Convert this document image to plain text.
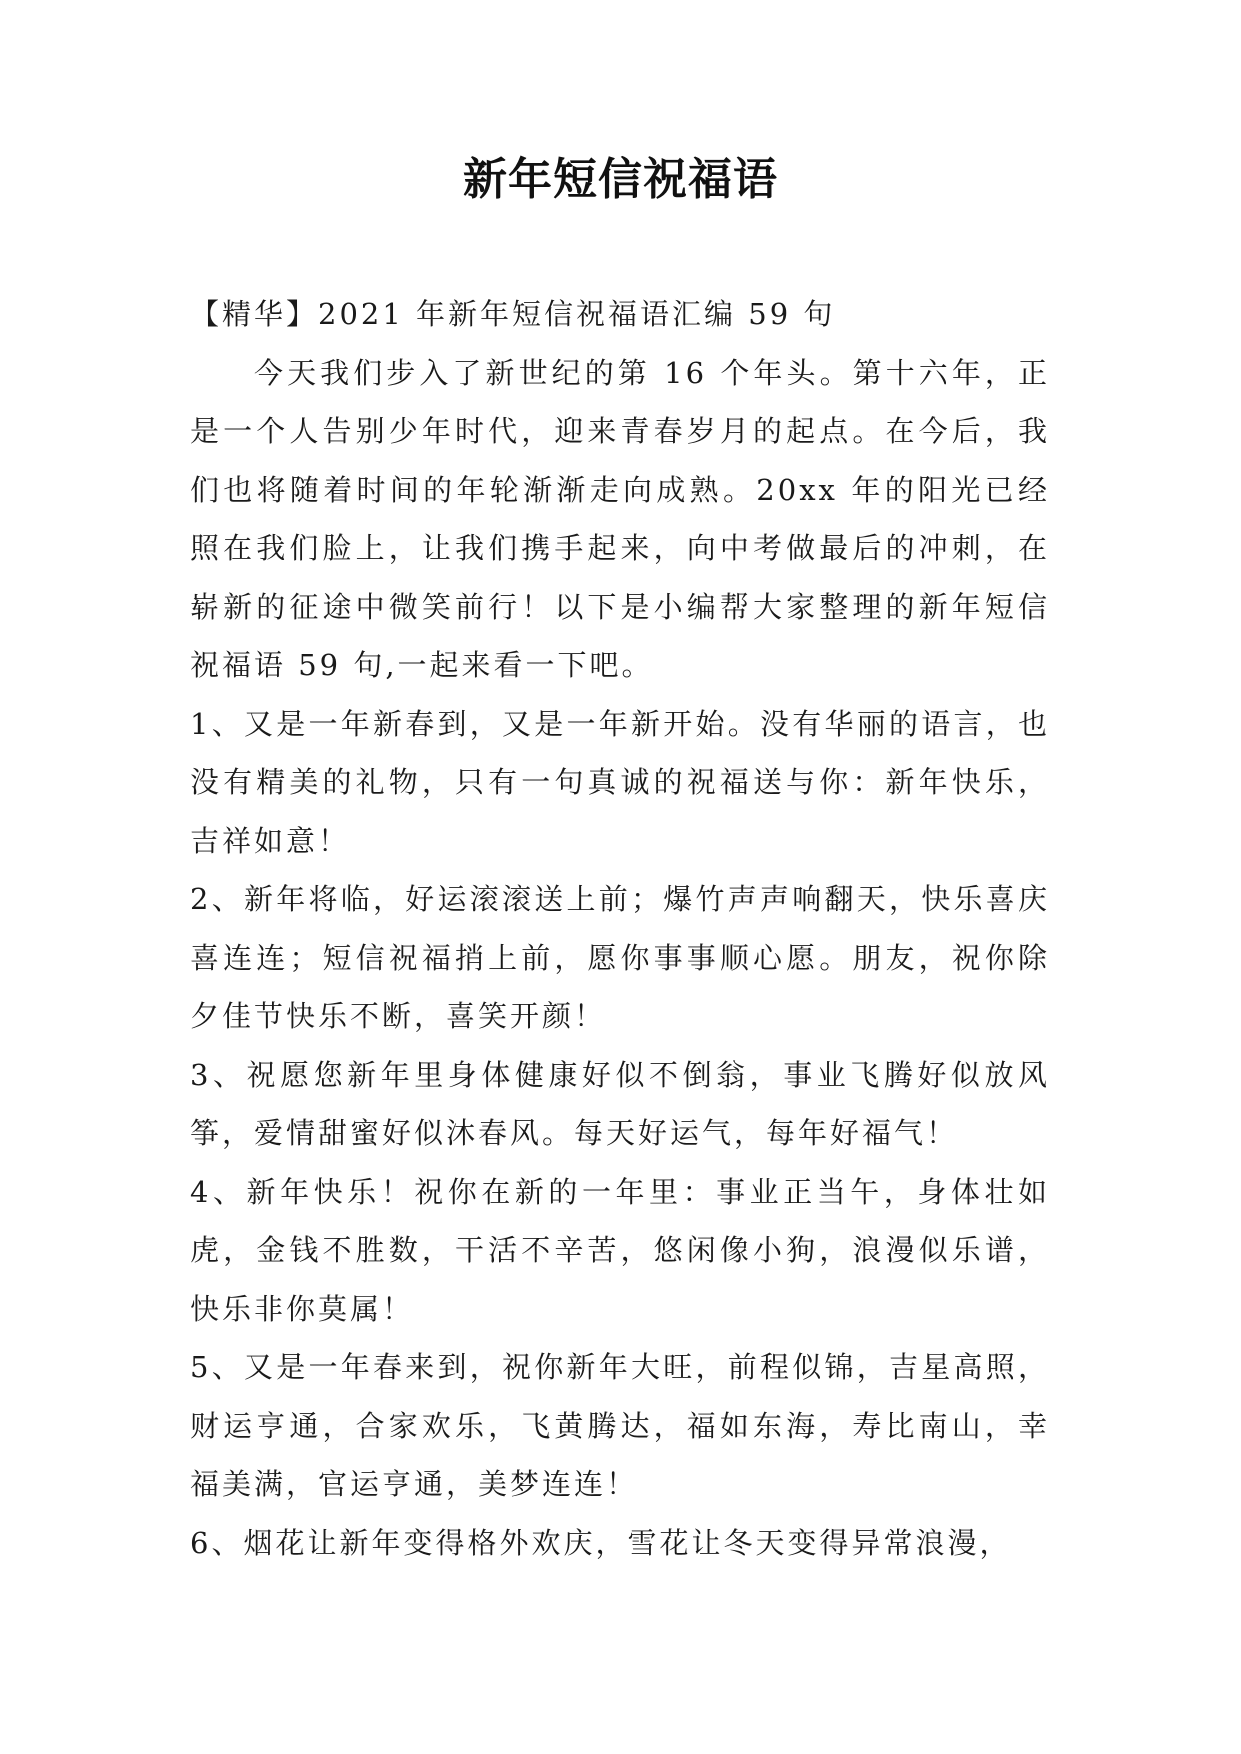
新年短信祝福语

【精华】2021 年新年短信祝福语汇编 59 句

今天我们步入了新世纪的第 16 个年头。第十六年，正是一个人告别少年时代，迎来青春岁月的起点。在今后，我们也将随着时间的年轮渐渐走向成熟。20xx 年的阳光已经照在我们脸上，让我们携手起来，向中考做最后的冲刺，在崭新的征途中微笑前行！以下是小编帮大家整理的新年短信祝福语 59 句,一起来看一下吧。

1、又是一年新春到，又是一年新开始。没有华丽的语言，也没有精美的礼物，只有一句真诚的祝福送与你：新年快乐，吉祥如意！

2、新年将临，好运滚滚送上前；爆竹声声响翻天，快乐喜庆喜连连；短信祝福捎上前，愿你事事顺心愿。朋友，祝你除夕佳节快乐不断，喜笑开颜！

3、祝愿您新年里身体健康好似不倒翁，事业飞腾好似放风筝，爱情甜蜜好似沐春风。每天好运气，每年好福气！

4、新年快乐！祝你在新的一年里：事业正当午，身体壮如虎，金钱不胜数，干活不辛苦，悠闲像小狗，浪漫似乐谱，快乐非你莫属！

5、又是一年春来到，祝你新年大旺，前程似锦，吉星高照，财运亨通，合家欢乐，飞黄腾达，福如东海，寿比南山，幸福美满，官运亨通，美梦连连！

6、烟花让新年变得格外欢庆，雪花让冬天变得异常浪漫，
